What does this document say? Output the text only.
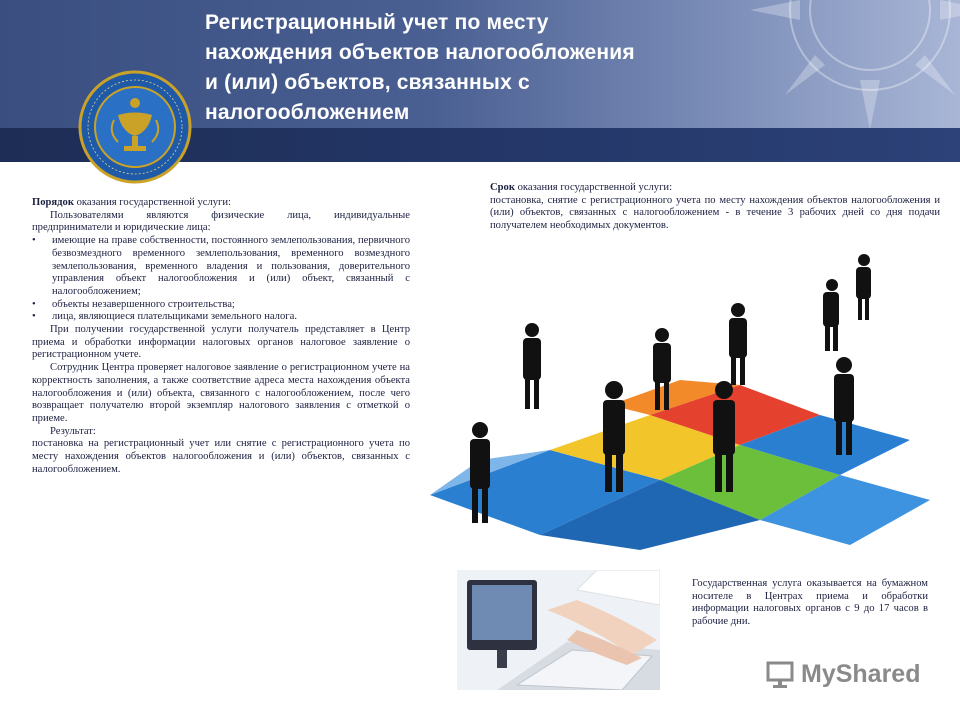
Регистрационный учет по месту
нахождения объектов налогообложения
и (или) объектов, связанных с
налогообложением

Порядок оказания государственной услуги:

Пользователями являются физические лица, индивидуальные предприниматели и юридические лица:

•	имеющие на праве собственности, постоянного землепользования, первичного безвозмездного временного землепользования, временного возмездного землепользования, временного владения и пользования, доверительного управления объект налогообложения и (или) объект, связанный с налогообложением;
•	объекты незавершенного строительства;
•	лица, являющиеся плательщиками земельного налога.

При получении государственной услуги получатель представляет в Центр приема и обработки информации налоговых органов налоговое заявление о регистрационном учете.

Сотрудник Центра проверяет налоговое заявление о регистрационном учете на корректность заполнения, а также соответствие адреса места нахождения объекта налогообложения и (или) объекта, связанного с налогообложением, после чего возвращает получателю второй экземпляр налогового заявления с отметкой о приеме.

Результат:

постановка на регистрационный учет или снятие с регистрационного учета по месту нахождения объектов налогообложения и (или) объектов, связанных с налогообложением.

Срок оказания государственной услуги:

постановка, снятие с регистрационного учета по месту нахождения объектов налогообложения и (или) объектов, связанных с налогообложением - в течение 3 рабочих дней со дня подачи получателем необходимых документов.

Государственная услуга оказывается на бумажном носителе в Центрах приема и обработки информации налоговых органов с 9 до 17 часов в рабочие дни.

MyShared
